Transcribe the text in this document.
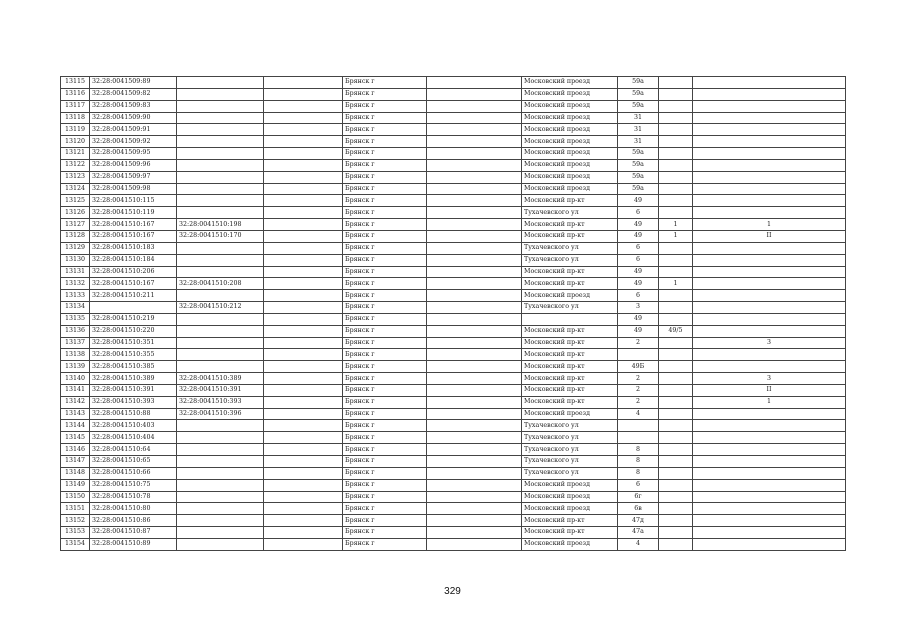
13115	32:28:0041509:89			Брянск г		Московский проезд	59а		
13116	32:28:0041509:82			Брянск г		Московский проезд	59а		
13117	32:28:0041509:83			Брянск г		Московский проезд	59а		
13118	32:28:0041509:90			Брянск г		Московский проезд	31		
13119	32:28:0041509:91			Брянск г		Московский проезд	31		
13120	32:28:0041509:92			Брянск г		Московский проезд	31		
13121	32:28:0041509:95			Брянск г		Московский проезд	59а		
13122	32:28:0041509:96			Брянск г		Московский проезд	59а		
13123	32:28:0041509:97			Брянск г		Московский проезд	59а		
13124	32:28:0041509:98			Брянск г		Московский проезд	59а		
13125	32:28:0041510:115			Брянск г		Московский пр-кт	49		
13126	32:28:0041510:119			Брянск г		Тухачевского ул	6		
13127	32:28:0041510:167	32:28:0041510:198		Брянск г		Московский пр-кт	49	1	1
13128	32:28:0041510:167	32:28:0041510:170		Брянск г		Московский пр-кт	49	1	II
13129	32:28:0041510:183			Брянск г		Тухачевского ул	6		
13130	32:28:0041510:184			Брянск г		Тухачевского ул	6		
13131	32:28:0041510:206			Брянск г		Московский пр-кт	49		
13132	32:28:0041510:167	32:28:0041510:208		Брянск г		Московский пр-кт	49	1	
13133	32:28:0041510:211			Брянск г		Московский проезд	6		
13134		32:28:0041510:212		Брянск г		Тухачевского ул	3		
13135	32:28:0041510:219			Брянск г			49		
13136	32:28:0041510:220			Брянск г		Московский пр-кт	49	49/5	
13137	32:28:0041510:351			Брянск г		Московский пр-кт	2		3
13138	32:28:0041510:355			Брянск г		Московский пр-кт			
13139	32:28:0041510:385			Брянск г		Московский пр-кт	49Б		
13140	32:28:0041510:389	32:28:0041510:389		Брянск г		Московский пр-кт	2		3
13141	32:28:0041510:391	32:28:0041510:391		Брянск г		Московский пр-кт	2		II
13142	32:28:0041510:393	32:28:0041510:393		Брянск г		Московский пр-кт	2		1
13143	32:28:0041510:88	32:28:0041510:396		Брянск г		Московский проезд	4		
13144	32:28:0041510:403			Брянск г		Тухачевского ул			
13145	32:28:0041510:404			Брянск г		Тухачевского ул			
13146	32:28:0041510:64			Брянск г		Тухачевского ул	8		
13147	32:28:0041510:65			Брянск г		Тухачевского ул	8		
13148	32:28:0041510:66			Брянск г		Тухачевского ул	8		
13149	32:28:0041510:75			Брянск г		Московский проезд	6		
13150	32:28:0041510:78			Брянск г		Московский проезд	6г		
13151	32:28:0041510:80			Брянск г		Московский проезд	6в		
13152	32:28:0041510:86			Брянск г		Московский пр-кт	47д		
13153	32:28:0041510:87			Брянск г		Московский пр-кт	47а		
13154	32:28:0041510:89			Брянск г		Московский проезд	4		
329
